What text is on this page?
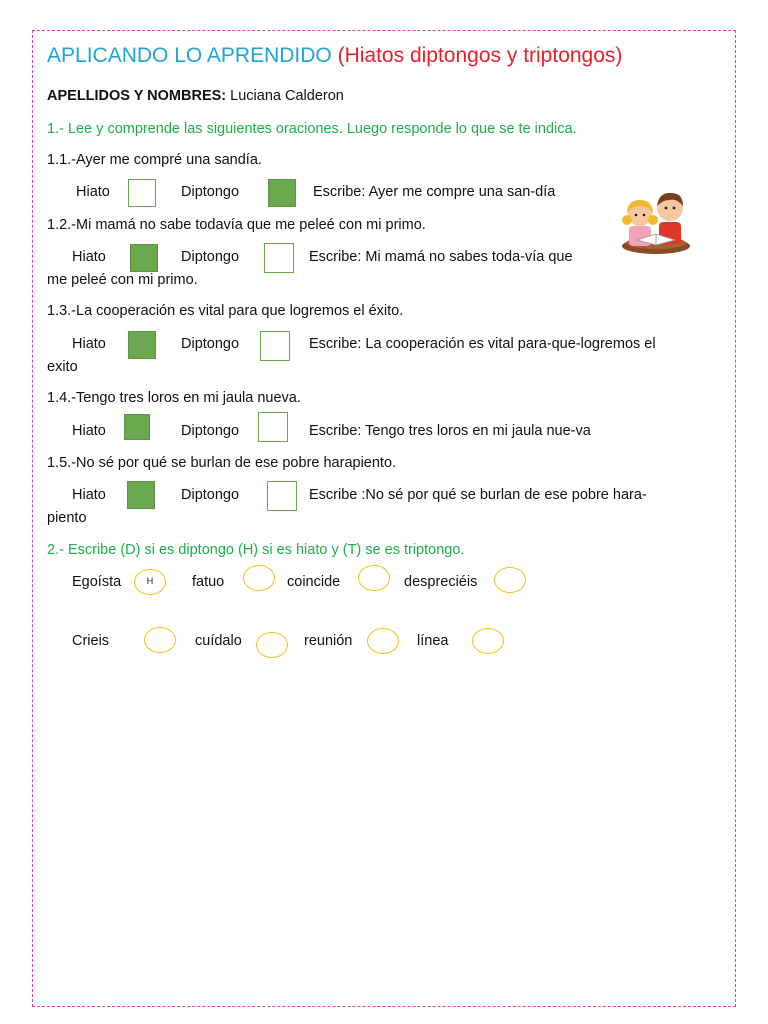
APLICANDO LO APRENDIDO (Hiatos diptongos y triptongos)
APELLIDOS Y NOMBRES: Luciana Calderon
1.- Lee y comprende las siguientes oraciones. Luego responde lo que se te indica.
1.1.-Ayer me compré una sandía.
Hiato	Diptongo	Escribe: Ayer me compre una san-día
1.2.-Mi mamá no sabe todavía que me peleé con mi primo.
Hiato	Diptongo	Escribe: Mi mamá no sabes toda-vía que
me peleé con mi primo.
1.3.-La cooperación es vital para que logremos el éxito.
Hiato	Diptongo	Escribe: La cooperación es vital para-que-logremos el
exito
1.4.-Tengo tres loros en mi jaula nueva.
Hiato	Diptongo	Escribe: Tengo tres loros en mi jaula nue-va
1.5.-No sé por qué se burlan de ese pobre harapiento.
Hiato	Diptongo	Escribe :No sé por qué se burlan de ese pobre hara-
piento
2.- Escribe (D) si es diptongo (H) si es hiato y (T) se es triptongo.
Egoísta	H	fatuo	coincide	despreciéis
Crieis	cuídalo	reunión	línea
